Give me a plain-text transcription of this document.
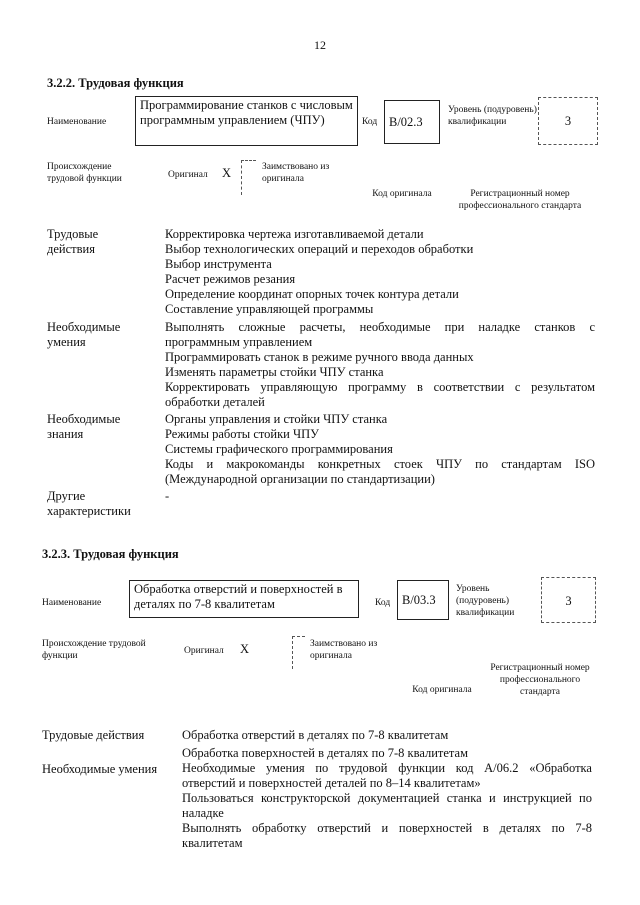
12
3.2.2. Трудовая функция
Наименование
Программирование станков с числовым программным управлением (ЧПУ)	Код B/02.3
Уровень (подуровень) квалификации	3
Происхождение трудовой функции	Оригинал X	Заимствовано из оригинала
Код оригинала	Регистрационный номер профессионального стандарта
Трудовые действия
Корректировка чертежа изготавливаемой детали
Выбор технологических операций и переходов обработки
Выбор инструмента
Расчет режимов резания
Определение координат опорных точек контура детали
Составление управляющей программы
Необходимые умения
Выполнять сложные расчеты, необходимые при наладке станков с программным управлением
Программировать станок в режиме ручного ввода данных
Изменять параметры стойки ЧПУ станка
Корректировать управляющую программу в соответствии с результатом обработки деталей
Необходимые знания
Органы управления и стойки ЧПУ станка
Режимы работы стойки ЧПУ
Системы графического программирования
Коды и макрокоманды конкретных стоек ЧПУ по стандартам ISO (Международной организации по стандартизации)
Другие характеристики
-
3.2.3. Трудовая функция
Наименование
Обработка отверстий и поверхностей в деталях по 7-8 квалитетам	Код B/03.3
Уровень (подуровень) квалификации
3
Происхождение трудовой функции	Оригинал X	Заимствовано из оригинала
Код оригинала
Регистрационный номер профессионального стандарта
Трудовые действия	Обработка отверстий в деталях по 7-8 квалитетам
Обработка поверхностей в деталях по 7-8 квалитетам
Необходимые умения	Необходимые умения по трудовой функции код А/06.2 «Обработка отверстий и поверхностей деталей по 8–14 квалитетам»
Пользоваться конструкторской документацией станка и инструкцией по наладке
Выполнять обработку отверстий и поверхностей в деталях по 7-8 квалитетам
